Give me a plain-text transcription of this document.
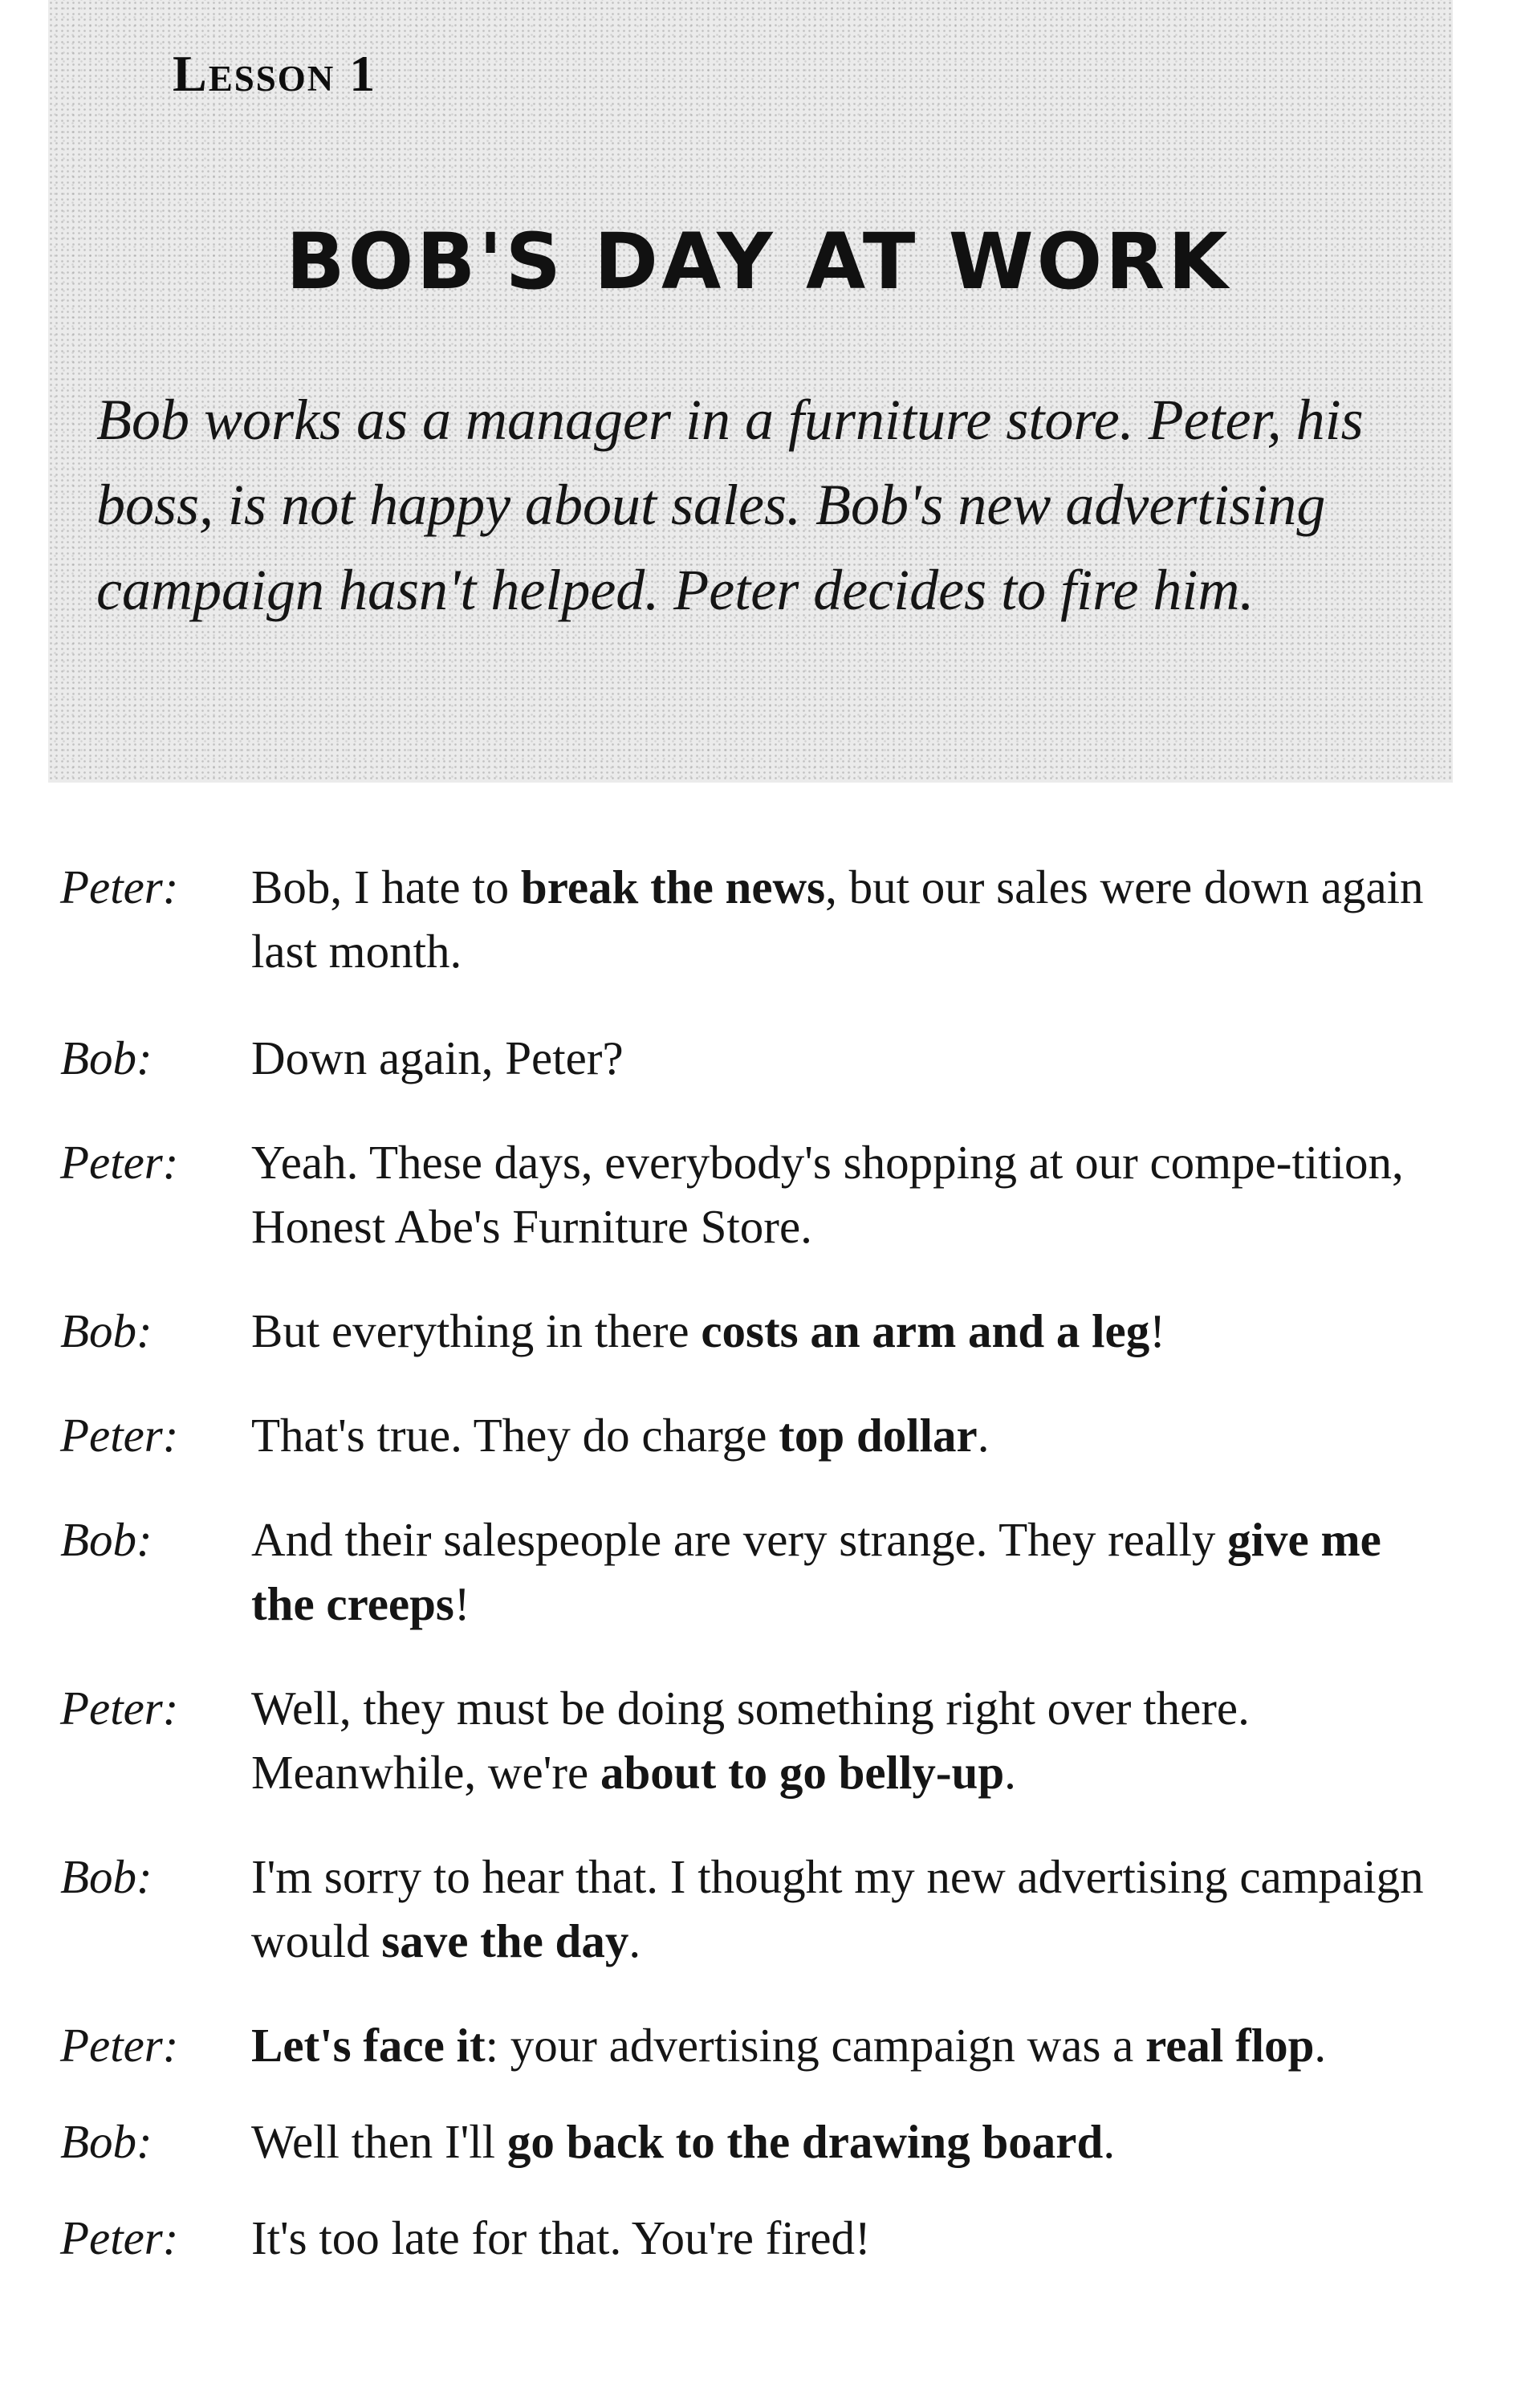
Lesson 1
BOB'S DAY AT WORK

Bob works as a manager in a furniture store. Peter, his boss, is not happy about sales. Bob's new advertising campaign hasn't helped. Peter decides to fire him.

Peter:	Bob, I hate to break the news, but our sales were down again last month.
Bob:	Down again, Peter?
Peter:	Yeah. These days, everybody's shopping at our compe-tition, Honest Abe's Furniture Store.
Bob:	But everything in there costs an arm and a leg!
Peter:	That's true. They do charge top dollar.
Bob:	And their salespeople are very strange. They really give me the creeps!
Peter:	Well, they must be doing something right over there. Meanwhile, we're about to go belly-up.
Bob:	I'm sorry to hear that. I thought my new advertising campaign would save the day.
Peter:	Let's face it: your advertising campaign was a real flop.
Bob:	Well then I'll go back to the drawing board.
Peter:	It's too late for that. You're fired!
